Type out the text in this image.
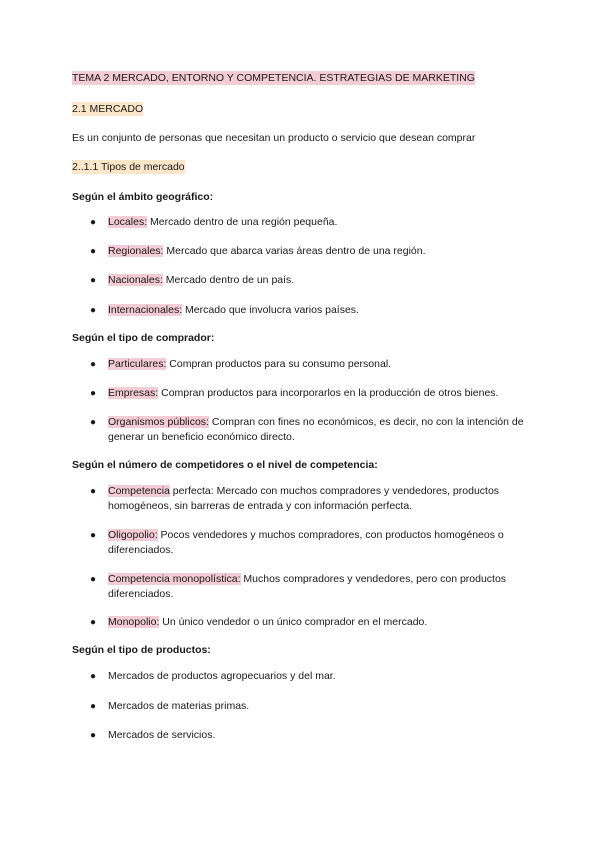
TEMA 2 MERCADO, ENTORNO Y COMPETENCIA. ESTRATEGIAS DE MARKETING
2.1 MERCADO
Es un conjunto de personas que necesitan un producto o servicio que desean comprar
2..1.1 Tipos de mercado
Según el ámbito geográfico:
● Locales: Mercado dentro de una región pequeña.
● Regionales: Mercado que abarca varias áreas dentro de una región.
● Nacionales: Mercado dentro de un país.
● Internacionales: Mercado que involucra varios países.
Según el tipo de comprador:
● Particulares: Compran productos para su consumo personal.
● Empresas: Compran productos para incorporarlos en la producción de otros bienes.
● Organismos públicos: Compran con fines no económicos, es decir, no con la intención de generar un beneficio económico directo.
Según el número de competidores o el nivel de competencia:
● Competencia perfecta: Mercado con muchos compradores y vendedores, productos homogéneos, sin barreras de entrada y con información perfecta.
● Oligopolio: Pocos vendedores y muchos compradores, con productos homogéneos o diferenciados.
● Competencia monopolística: Muchos compradores y vendedores, pero con productos diferenciados.
● Monopolio: Un único vendedor o un único comprador en el mercado.
Según el tipo de productos:
● Mercados de productos agropecuarios y del mar.
● Mercados de materias primas.
● Mercados de servicios.
